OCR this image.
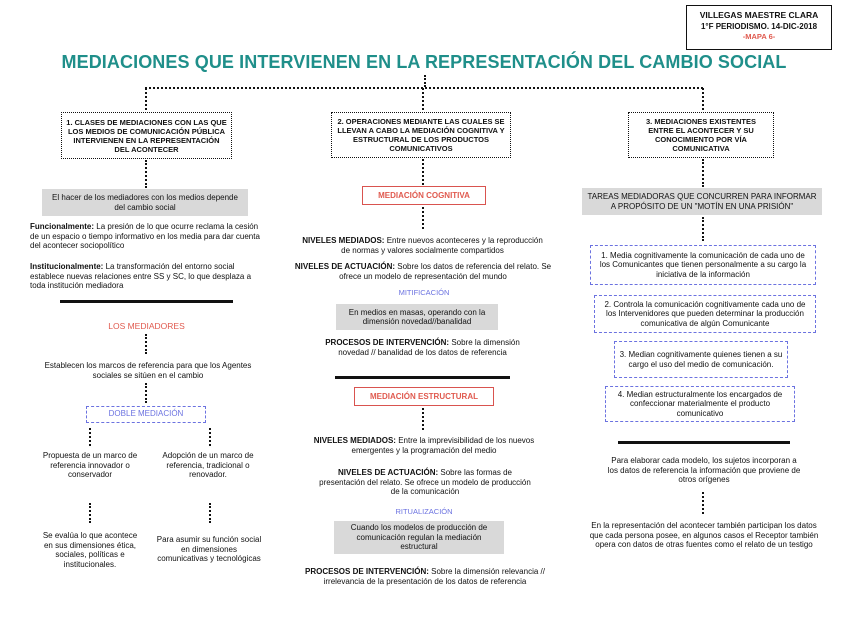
VILLEGAS MAESTRE CLARA
1°F PERIODISMO. 14-DIC-2018
-MAPA 6-
MEDIACIONES QUE INTERVIENEN EN LA REPRESENTACIÓN DEL CAMBIO SOCIAL
1. CLASES DE MEDIACIONES CON LAS QUE LOS MEDIOS DE COMUNICACIÓN PÚBLICA INTERVIENEN EN LA REPRESENTACIÓN DEL ACONTECER
El hacer de los mediadores con los medios depende del cambio social
Funcionalmente: La presión de lo que ocurre reclama la cesión de un espacio o tiempo informativo en los media para dar cuenta del acontecer sociopolítico
Institucionalmente: La transformación del entorno social establece nuevas relaciones entre SS y SC, lo que desplaza a toda institución mediadora
LOS MEDIADORES
Establecen los marcos de referencia para que los Agentes sociales se sitúen en el cambio
DOBLE MEDIACIÓN
Propuesta de un marco de referencia innovador o conservador
Adopción de un marco de referencia, tradicional o renovador.
Se evalúa lo que acontece en sus dimensiones ética, sociales, políticas e institucionales.
Para asumir su función social en dimensiones comunicativas y tecnológicas
2. OPERACIONES MEDIANTE LAS CUALES SE LLEVAN A CABO LA MEDIACIÓN COGNITIVA Y ESTRUCTURAL DE LOS PRODUCTOS COMUNICATIVOS
MEDIACIÓN COGNITIVA
NIVELES MEDIADOS: Entre nuevos aconteceres y la reproducción de normas y valores socialmente compartidos
NIVELES DE ACTUACIÓN: Sobre los datos de referencia del relato. Se ofrece un modelo de representación del mundo
MITIFICACIÓN
En medios en masas, operando con la dimensión novedad//banalidad
PROCESOS DE INTERVENCIÓN: Sobre la dimensión novedad // banalidad de los datos de referencia
MEDIACIÓN ESTRUCTURAL
NIVELES MEDIADOS: Entre la imprevisibilidad de los nuevos emergentes y la programación del medio
NIVELES DE ACTUACIÓN: Sobre las formas de presentación del relato. Se ofrece un modelo de producción de la comunicación
RITUALIZACIÓN
Cuando los modelos de producción de comunicación regulan la mediación estructural
PROCESOS DE INTERVENCIÓN: Sobre la dimensión relevancia // irrelevancia de la presentación de los datos de referencia
3. MEDIACIONES EXISTENTES ENTRE EL ACONTECER Y SU CONOCIMIENTO POR VÍA COMUNICATIVA
TAREAS MEDIADORAS QUE CONCURREN PARA INFORMAR A PROPÓSITO DE UN "MOTÍN EN UNA PRISIÓN"
1. Media cognitivamente la comunicación de cada uno de los Comunicantes que tienen personalmente a su cargo la iniciativa de la información
2. Controla la comunicación cognitivamente cada uno de los Intervenidores que pueden determinar la producción comunicativa de algún Comunicante
3. Median cognitivamente quienes tienen a su cargo el uso del medio de comunicación.
4. Median estructuralmente los encargados de confeccionar materialmente el producto comunicativo
Para elaborar cada modelo, los sujetos incorporan a los datos de referencia la información que proviene de otros orígenes
En la representación del acontecer también participan los datos que cada persona posee, en algunos casos el Receptor también opera con datos de otras fuentes como el relato de un testigo
